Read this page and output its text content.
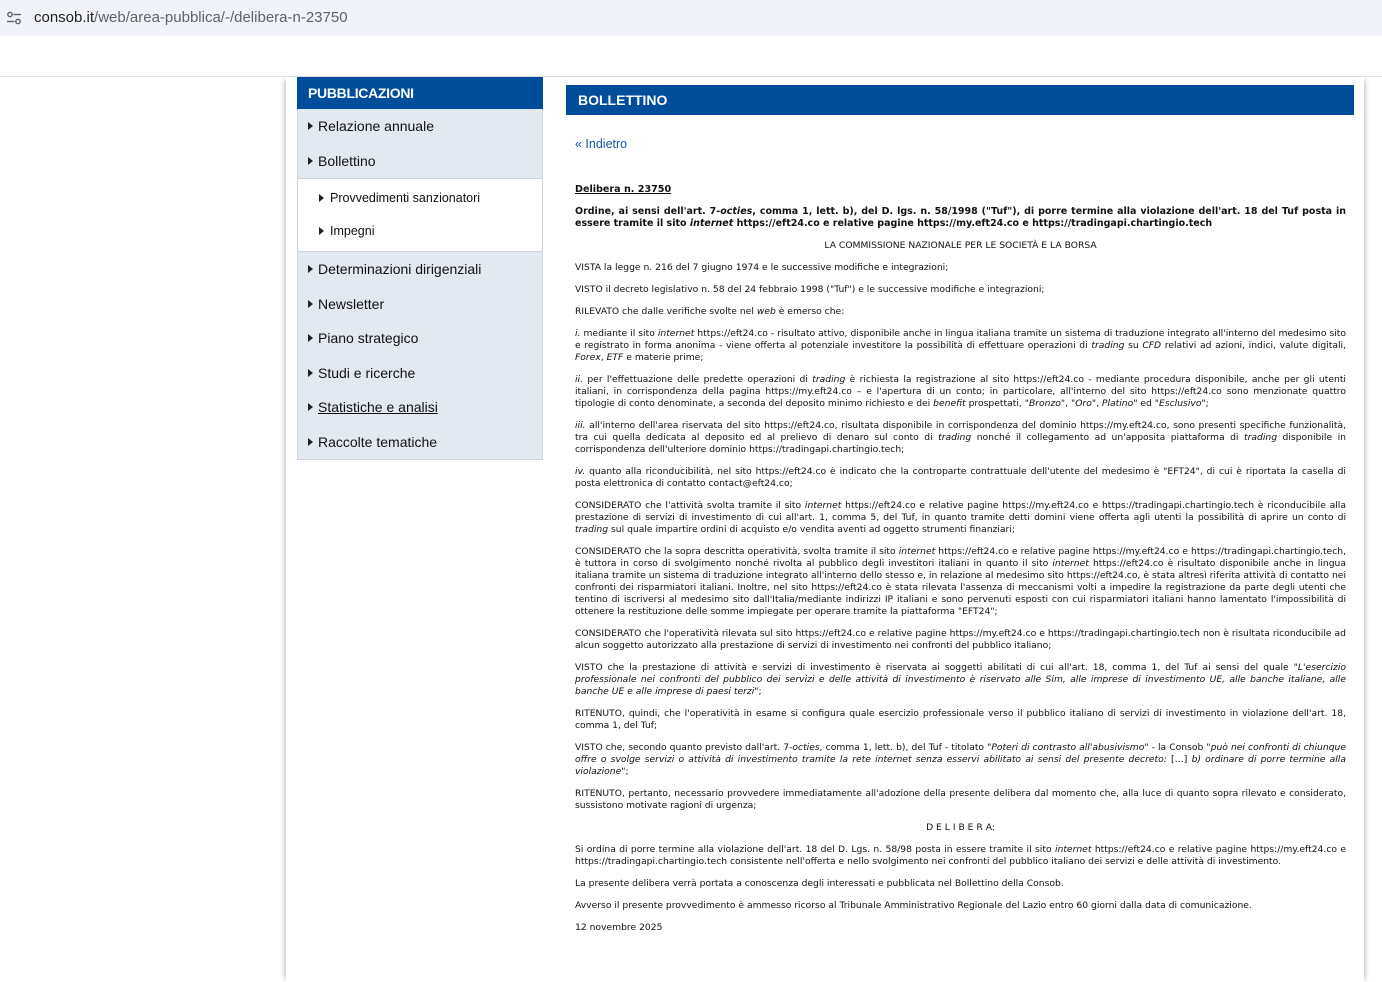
consob.it/web/area-pubblica/-/delibera-n-23750
PUBBLICAZIONI
Relazione annuale
Bollettino
Provvedimenti sanzionatori
Impegni
Determinazioni dirigenziali
Newsletter
Piano strategico
Studi e ricerche
Statistiche e analisi
Raccolte tematiche
BOLLETTINO
« Indietro

Delibera n. 23750

Ordine, ai sensi dell'art. 7-octies, comma 1, lett. b), del D. lgs. n. 58/1998 ("Tuf"), di porre termine alla violazione dell'art. 18 del Tuf posta in essere tramite il sito internet https://eft24.co e relative pagine https://my.eft24.co e https://tradingapi.chartingio.tech

LA COMMISSIONE NAZIONALE PER LE SOCIETÀ E LA BORSA

VISTA la legge n. 216 del 7 giugno 1974 e le successive modifiche e integrazioni;

VISTO il decreto legislativo n. 58 del 24 febbraio 1998 ("Tuf") e le successive modifiche e integrazioni;

RILEVATO che dalle verifiche svolte nel web è emerso che:

i. mediante il sito internet https://eft24.co - risultato attivo, disponibile anche in lingua italiana tramite un sistema di traduzione integrato all'interno del medesimo sito e registrato in forma anonima - viene offerta al potenziale investitore la possibilità di effettuare operazioni di trading su CFD relativi ad azioni, indici, valute digitali, Forex, ETF e materie prime;

ii. per l'effettuazione delle predette operazioni di trading è richiesta la registrazione al sito https://eft24.co - mediante procedura disponibile, anche per gli utenti italiani, in corrispondenza della pagina https://my.eft24.co – e l'apertura di un conto; in particolare, all'interno del sito https://eft24.co sono menzionate quattro tipologie di conto denominate, a seconda del deposito minimo richiesto e dei benefit prospettati, "Bronzo", "Oro", Platino" ed "Esclusivo";

iii. all'interno dell'area riservata del sito https://eft24.co, risultata disponibile in corrispondenza del dominio https://my.eft24.co, sono presenti specifiche funzionalità, tra cui quella dedicata al deposito ed al prelievo di denaro sul conto di trading nonché il collegamento ad un'apposita piattaforma di trading disponibile in corrispondenza dell'ulteriore dominio https://tradingapi.chartingio.tech;

iv. quanto alla riconducibilità, nel sito https://eft24.co è indicato che la controparte contrattuale dell'utente del medesimo è "EFT24", di cui è riportata la casella di posta elettronica di contatto contact@eft24.co;

CONSIDERATO che l'attività svolta tramite il sito internet https://eft24.co e relative pagine https://my.eft24.co e https://tradingapi.chartingio.tech è riconducibile alla prestazione di servizi di investimento di cui all'art. 1, comma 5, del Tuf, in quanto tramite detti domini viene offerta agli utenti la possibilità di aprire un conto di trading sul quale impartire ordini di acquisto e/o vendita aventi ad oggetto strumenti finanziari;

CONSIDERATO che la sopra descritta operatività, svolta tramite il sito internet https://eft24.co e relative pagine https://my.eft24.co e https://tradingapi.chartingio.tech, è tuttora in corso di svolgimento nonché rivolta al pubblico degli investitori italiani in quanto il sito internet https://eft24.co è risultato disponibile anche in lingua italiana tramite un sistema di traduzione integrato all'interno dello stesso e, in relazione al medesimo sito https://eft24.co, è stata altresì riferita attività di contatto nei confronti dei risparmiatori italiani. Inoltre, nel sito https://eft24.co è stata rilevata l'assenza di meccanismi volti a impedire la registrazione da parte degli utenti che tentino di iscriversi al medesimo sito dall'Italia/mediante indirizzi IP italiani e sono pervenuti esposti con cui risparmiatori italiani hanno lamentato l'impossibilità di ottenere la restituzione delle somme impiegate per operare tramite la piattaforma "EFT24";

CONSIDERATO che l'operatività rilevata sul sito https://eft24.co e relative pagine https://my.eft24.co e https://tradingapi.chartingio.tech non è risultata riconducibile ad alcun soggetto autorizzato alla prestazione di servizi di investimento nei confronti del pubblico italiano;

VISTO che la prestazione di attività e servizi di investimento è riservata ai soggetti abilitati di cui all'art. 18, comma 1, del Tuf ai sensi del quale "L'esercizio professionale nei confronti del pubblico dei servizi e delle attività di investimento è riservato alle Sim, alle imprese di investimento UE, alle banche italiane, alle banche UE e alle imprese di paesi terzi";

RITENUTO, quindi, che l'operatività in esame si configura quale esercizio professionale verso il pubblico italiano di servizi di investimento in violazione dell'art. 18, comma 1, del Tuf;

VISTO che, secondo quanto previsto dall'art. 7-octies, comma 1, lett. b), del Tuf - titolato "Poteri di contrasto all'abusivismo" - la Consob "può nei confronti di chiunque offre o svolge servizi o attività di investimento tramite la rete internet senza esservi abilitato ai sensi del presente decreto: […] b) ordinare di porre termine alla violazione";

RITENUTO, pertanto, necessario provvedere immediatamente all'adozione della presente delibera dal momento che, alla luce di quanto sopra rilevato e considerato, sussistono motivate ragioni di urgenza;

D E L I B E R A:

Si ordina di porre termine alla violazione dell'art. 18 del D. Lgs. n. 58/98 posta in essere tramite il sito internet https://eft24.co e relative pagine https://my.eft24.co e https://tradingapi.chartingio.tech consistente nell'offerta e nello svolgimento nei confronti del pubblico italiano dei servizi e delle attività di investimento.

La presente delibera verrà portata a conoscenza degli interessati e pubblicata nel Bollettino della Consob.

Avverso il presente provvedimento è ammesso ricorso al Tribunale Amministrativo Regionale del Lazio entro 60 giorni dalla data di comunicazione.

12 novembre 2025
